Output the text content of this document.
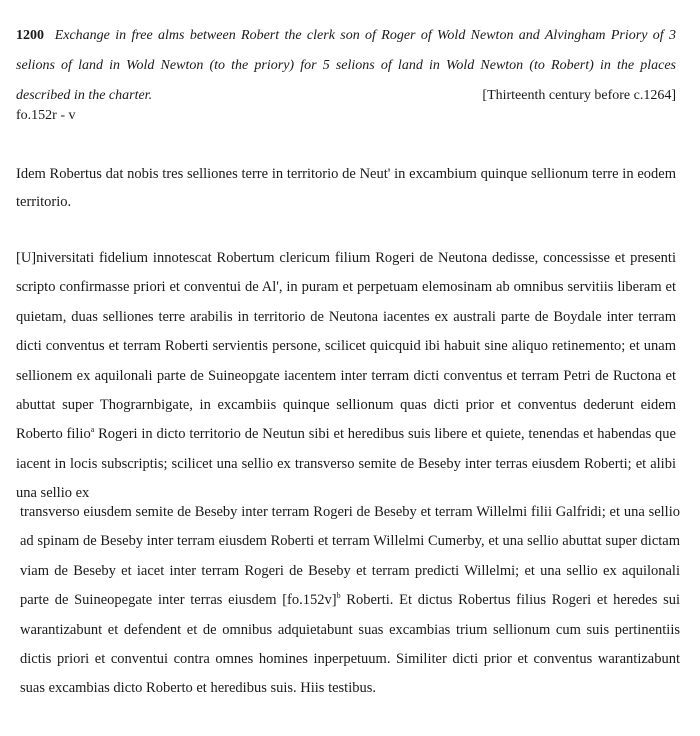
1200 Exchange in free alms between Robert the clerk son of Roger of Wold Newton and Alvingham Priory of 3 selions of land in Wold Newton (to the priory) for 5 selions of land in Wold Newton (to Robert) in the places described in the charter.	[Thirteenth century before c.1264]
fo.152r - v
Idem Robertus dat nobis tres selliones terre in territorio de Neut' in excambium quinque sellionum terre in eodem territorio.
[U]niversitati fidelium innotescat Robertum clericum filium Rogeri de Neutona dedisse, concessisse et presenti scripto confirmasse priori et conventui de Al', in puram et perpetuam elemosinam ab omnibus servitiis liberam et quietam, duas selliones terre arabilis in territorio de Neutona iacentes ex australi parte de Boydale inter terram dicti conventus et terram Roberti servientis persone, scilicet quicquid ibi habuit sine aliquo retinemento; et unam sellionem ex aquilonali parte de Suineopgate iacentem inter terram dicti conventus et terram Petri de Ructona et abuttat super Thograrnbigate, in excambiis quinque sellionum quas dicti prior et conventus dederunt eidem Roberto filio$^a$ Rogeri in dicto territorio de Neutun sibi et heredibus suis libere et quiete, tenendas et habendas que iacent in locis subscriptis; scilicet una sellio ex transverso semite de Beseby inter terras eiusdem Roberti; et alibi una sellio ex
transverso eiusdem semite de Beseby inter terram Rogeri de Beseby et terram Willelmi filii Galfridi; et una sellio ad spinam de Beseby inter terram eiusdem Roberti et terram Willelmi Cumerby, et una sellio abuttat super dictam viam de Beseby et iacet inter terram Rogeri de Beseby et terram predicti Willelmi; et una sellio ex aquilonali parte de Suineopegate inter terras eiusdem $[fo.152v]^b$ Roberti. Et dictus Robertus filius Rogeri et heredes sui warantizabunt et defendent et de omnibus adquietabunt suas excambias trium sellionum cum suis pertinentiis dictis priori et conventui contra omnes homines inperpetuum. Similiter dicti prior et conventus warantizabunt suas excambias dicto Roberto et heredibus suis. Hiis testibus.
